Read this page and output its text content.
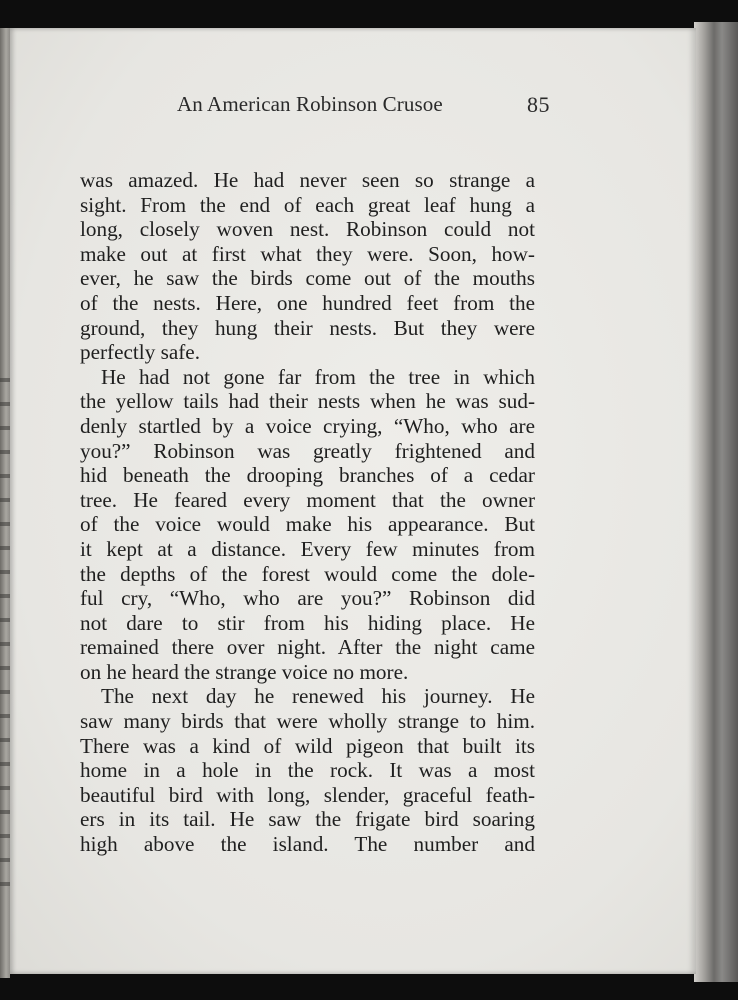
An American Robinson Crusoe	85
was amazed. He had never seen so strange a
sight. From the end of each great leaf hung a
long, closely woven nest. Robinson could not
make out at first what they were. Soon, how-
ever, he saw the birds come out of the mouths
of the nests. Here, one hundred feet from the
ground, they hung their nests. But they were
perfectly safe.
He had not gone far from the tree in which
the yellow tails had their nests when he was sud-
denly startled by a voice crying, “Who, who are
you?” Robinson was greatly frightened and
hid beneath the drooping branches of a cedar
tree. He feared every moment that the owner
of the voice would make his appearance. But
it kept at a distance. Every few minutes from
the depths of the forest would come the dole-
ful cry, “Who, who are you?” Robinson did
not dare to stir from his hiding place. He
remained there over night. After the night came
on he heard the strange voice no more.
The next day he renewed his journey. He
saw many birds that were wholly strange to him.
There was a kind of wild pigeon that built its
home in a hole in the rock. It was a most
beautiful bird with long, slender, graceful feath-
ers in its tail. He saw the frigate bird soaring
high above the island. The number and
